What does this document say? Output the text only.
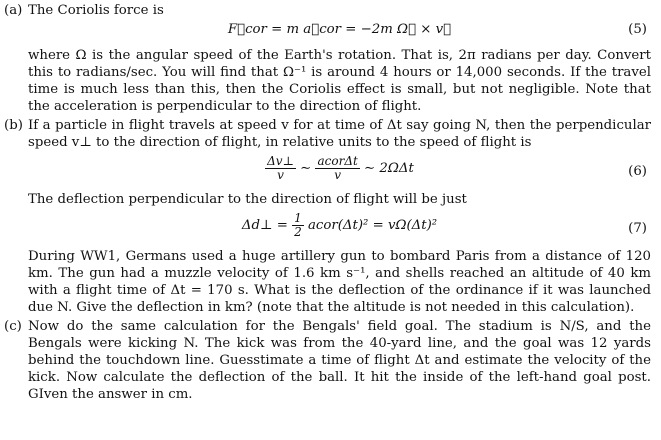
(a) The Coriolis force is

F⃗cor = m a⃗cor = −2m Ω⃗ × v⃗	(5)

where Ω is the angular speed of the Earth's rotation. That is, 2π radians per day. Convert this to radians/sec. You will find that Ω⁻¹ is around 4 hours or 14,000 seconds. If the travel time is much less than this, then the Coriolis effect is small, but not negligible. Note that the acceleration is perpendicular to the direction of flight.

(b) If a particle in flight travels at speed v for at time of Δt say going N, then the perpendicular speed v⊥ to the direction of flight, in relative units to the speed of flight is

$\frac{\Delta v\perp}{v}$ ∼ $\frac{\text{acorΔt}}{v}$ ∼ 2ΩΔt	(6)

The deflection perpendicular to the direction of flight will be just

Δd⊥ = $\frac{1}{2}$ acor(Δt)² = vΩ(Δt)²	(7)

During WW1, Germans used a huge artillery gun to bombard Paris from a distance of 120 km. The gun had a muzzle velocity of 1.6 km s⁻¹, and shells reached an altitude of 40 km with a flight time of Δt = 170 s. What is the deflection of the ordinance if it was launched due N. Give the deflection in km? (note that the altitude is not needed in this calculation).

(c) Now do the same calculation for the Bengals' field goal. The stadium is N/S, and the Bengals were kicking N. The kick was from the 40-yard line, and the goal was 12 yards behind the touchdown line. Guesstimate a time of flight Δt and estimate the velocity of the kick. Now calculate the deflection of the ball. It hit the inside of the left-hand goal post. GIven the answer in cm.
